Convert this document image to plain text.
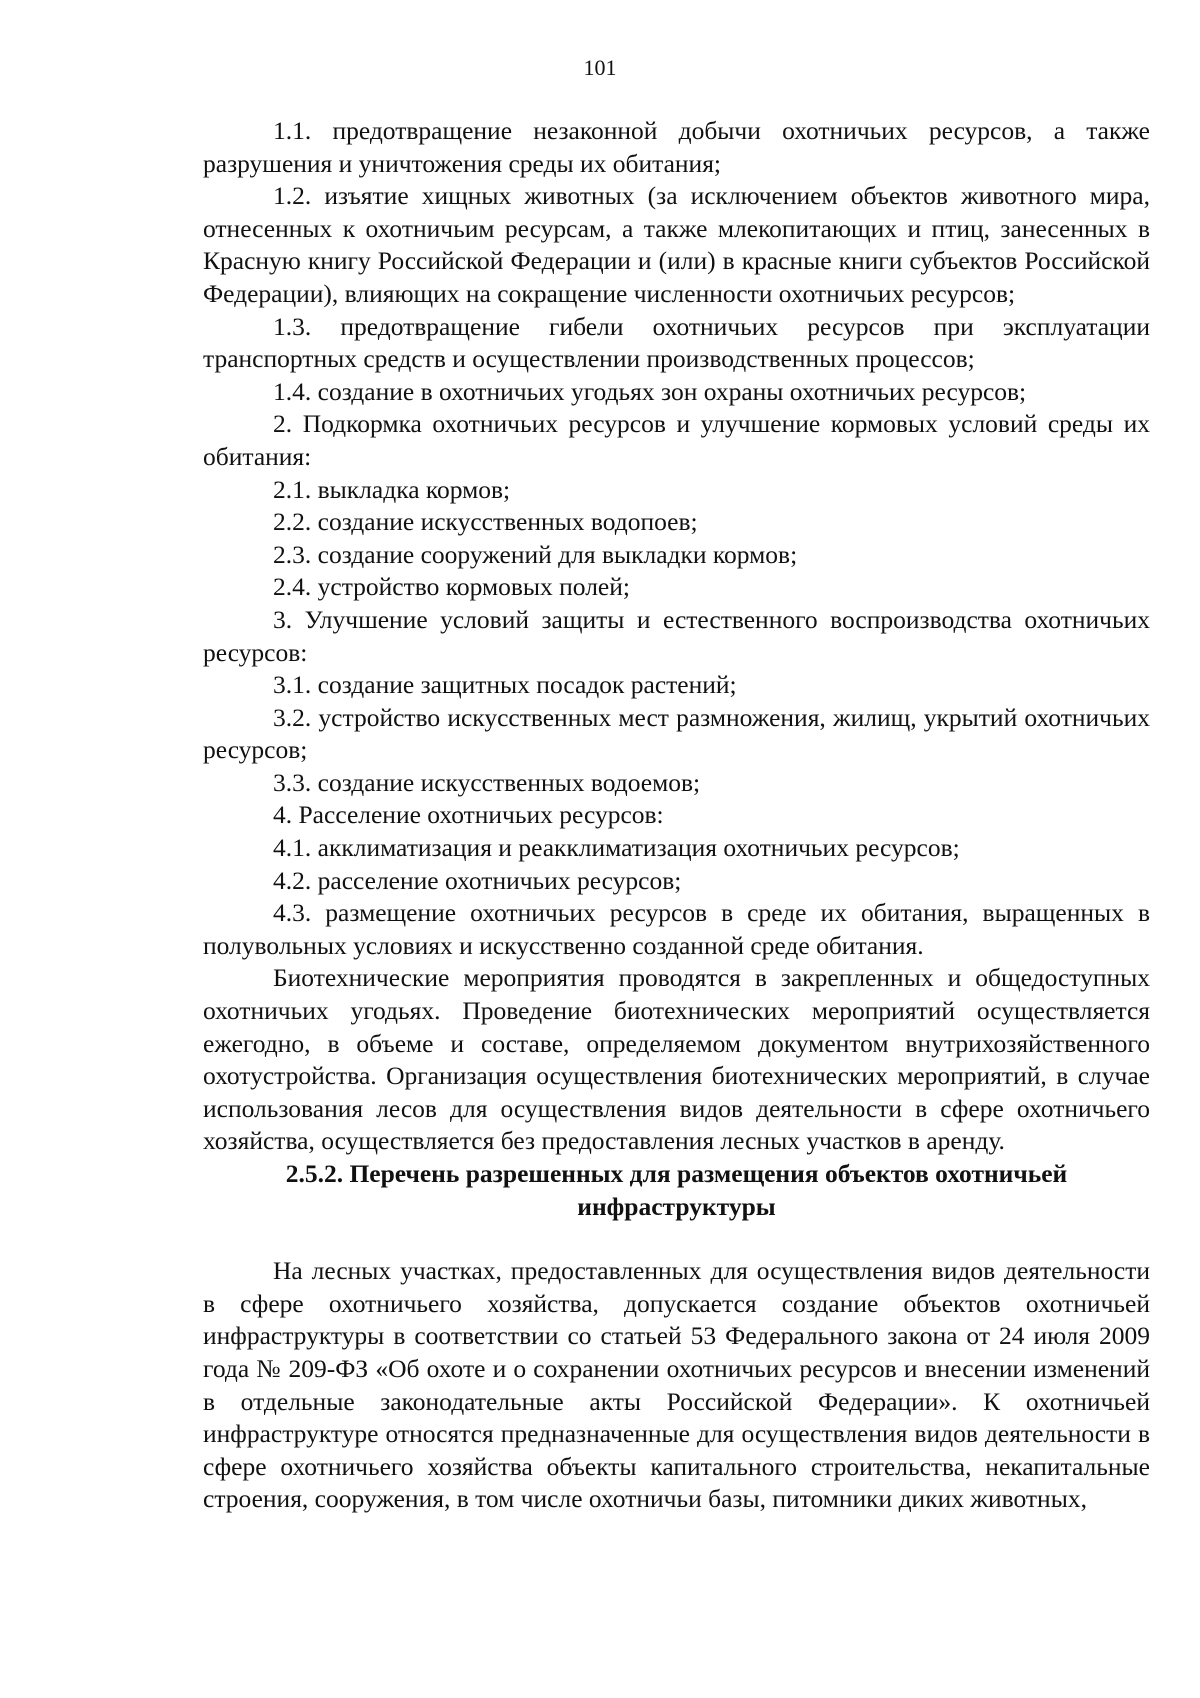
101

1.1. предотвращение незаконной добычи охотничьих ресурсов, а также разрушения и уничтожения среды их обитания;

1.2. изъятие хищных животных (за исключением объектов животного мира, отнесенных к охотничьим ресурсам, а также млекопитающих и птиц, занесенных в Красную книгу Российской Федерации и (или) в красные книги субъектов Российской Федерации), влияющих на сокращение численности охотничьих ресурсов;

1.3. предотвращение гибели охотничьих ресурсов при эксплуатации транспортных средств и осуществлении производственных процессов;

1.4. создание в охотничьих угодьях зон охраны охотничьих ресурсов;

2. Подкормка охотничьих ресурсов и улучшение кормовых условий среды их обитания:

2.1. выкладка кормов;

2.2. создание искусственных водопоев;

2.3. создание сооружений для выкладки кормов;

2.4. устройство кормовых полей;

3. Улучшение условий защиты и естественного воспроизводства охотничьих ресурсов:

3.1. создание защитных посадок растений;

3.2. устройство искусственных мест размножения, жилищ, укрытий охотничьих ресурсов;

3.3. создание искусственных водоемов;

4. Расселение охотничьих ресурсов:

4.1. акклиматизация и реакклиматизация охотничьих ресурсов;

4.2. расселение охотничьих ресурсов;

4.3. размещение охотничьих ресурсов в среде их обитания, выращенных в полувольных условиях и искусственно созданной среде обитания.

Биотехнические мероприятия проводятся в закрепленных и общедоступных охотничьих угодьях. Проведение биотехнических мероприятий осуществляется ежегодно, в объеме и составе, определяемом документом внутрихозяйственного охотустройства. Организация осуществления биотехнических мероприятий, в случае использования лесов для осуществления видов деятельности в сфере охотничьего хозяйства, осуществляется без предоставления лесных участков в аренду.

2.5.2. Перечень разрешенных для размещения объектов охотничьей

инфраструктуры

На лесных участках, предоставленных для осуществления видов деятельности в сфере охотничьего хозяйства, допускается создание объектов охотничьей инфраструктуры в соответствии со статьей 53 Федерального закона от 24 июля 2009 года № 209-ФЗ «Об охоте и о сохранении охотничьих ресурсов и внесении изменений в отдельные законодательные акты Российской Федерации». К охотничьей инфраструктуре относятся предназначенные для осуществления видов деятельности в сфере охотничьего хозяйства объекты капитального строительства, некапитальные строения, сооружения, в том числе охотничьи базы, питомники диких животных,
